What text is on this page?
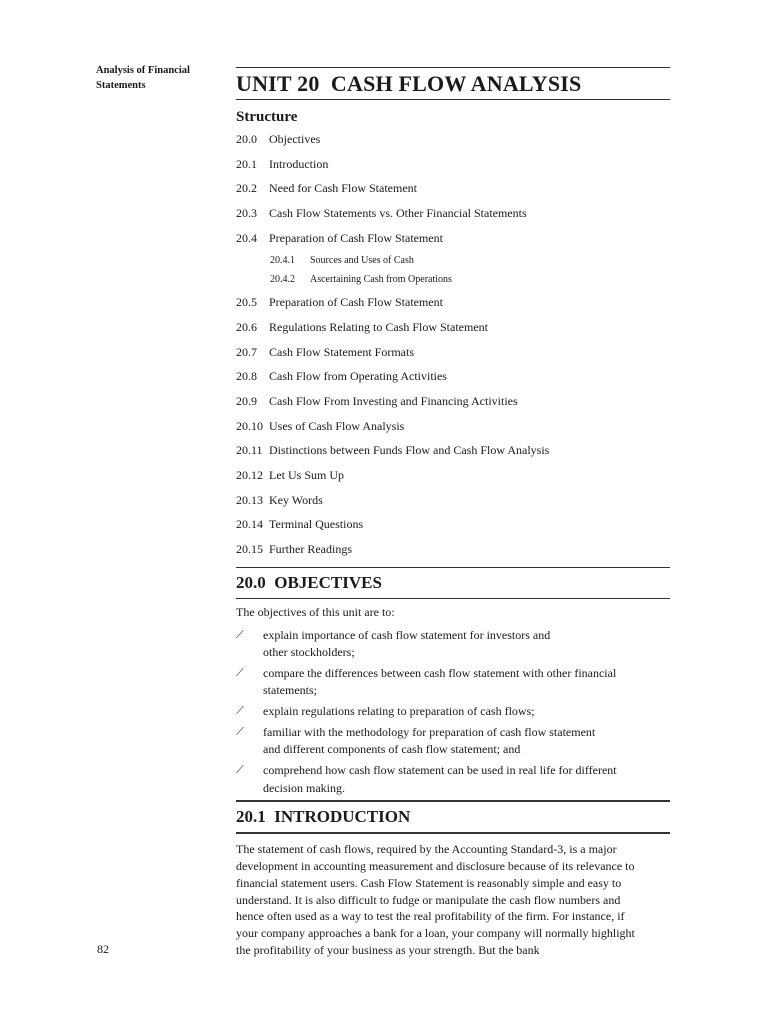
Analysis of Financial Statements	UNIT 20  CASH FLOW ANALYSIS
Structure
20.0	Objectives
20.1	Introduction
20.2	Need for Cash Flow Statement
20.3	Cash Flow Statements vs. Other Financial Statements
20.4	Preparation of Cash Flow Statement
20.4.1	Sources and Uses of Cash
20.4.2	Ascertaining Cash from Operations
20.5	Preparation of Cash Flow Statement
20.6	Regulations Relating to Cash Flow Statement
20.7	Cash Flow Statement Formats
20.8	Cash Flow from Operating Activities
20.9	Cash Flow From Investing and Financing Activities
20.10 Uses of Cash Flow Analysis
20.11 Distinctions between Funds Flow and Cash Flow Analysis
20.12 Let Us Sum Up
20.13 Key Words
20.14 Terminal Questions
20.15 Further Readings
20.0  OBJECTIVES

The objectives of this unit are to:

⟋ explain importance of cash flow statement for investors and
other stockholders;
⟋ compare the differences between cash flow statement with other financial
statements;
⟋ explain regulations relating to preparation of cash flows;
⟋ familiar with the methodology for preparation of cash flow statement
and different components of cash flow statement; and
⟋ comprehend how cash flow statement can be used in real life for different
decision making.
20.1  INTRODUCTION

The statement of cash flows, required by the Accounting Standard-3, is a major

development in accounting measurement and disclosure because of its relevance to

financial statement users. Cash Flow Statement is reasonably simple and easy to

understand. It is also difficult to fudge or manipulate the cash flow numbers and

hence often used as a way to test the real profitability of the firm. For instance, if

your company approaches a bank for a loan, your company will normally highlight

the profitability of your business as your strength. But the bank

82
